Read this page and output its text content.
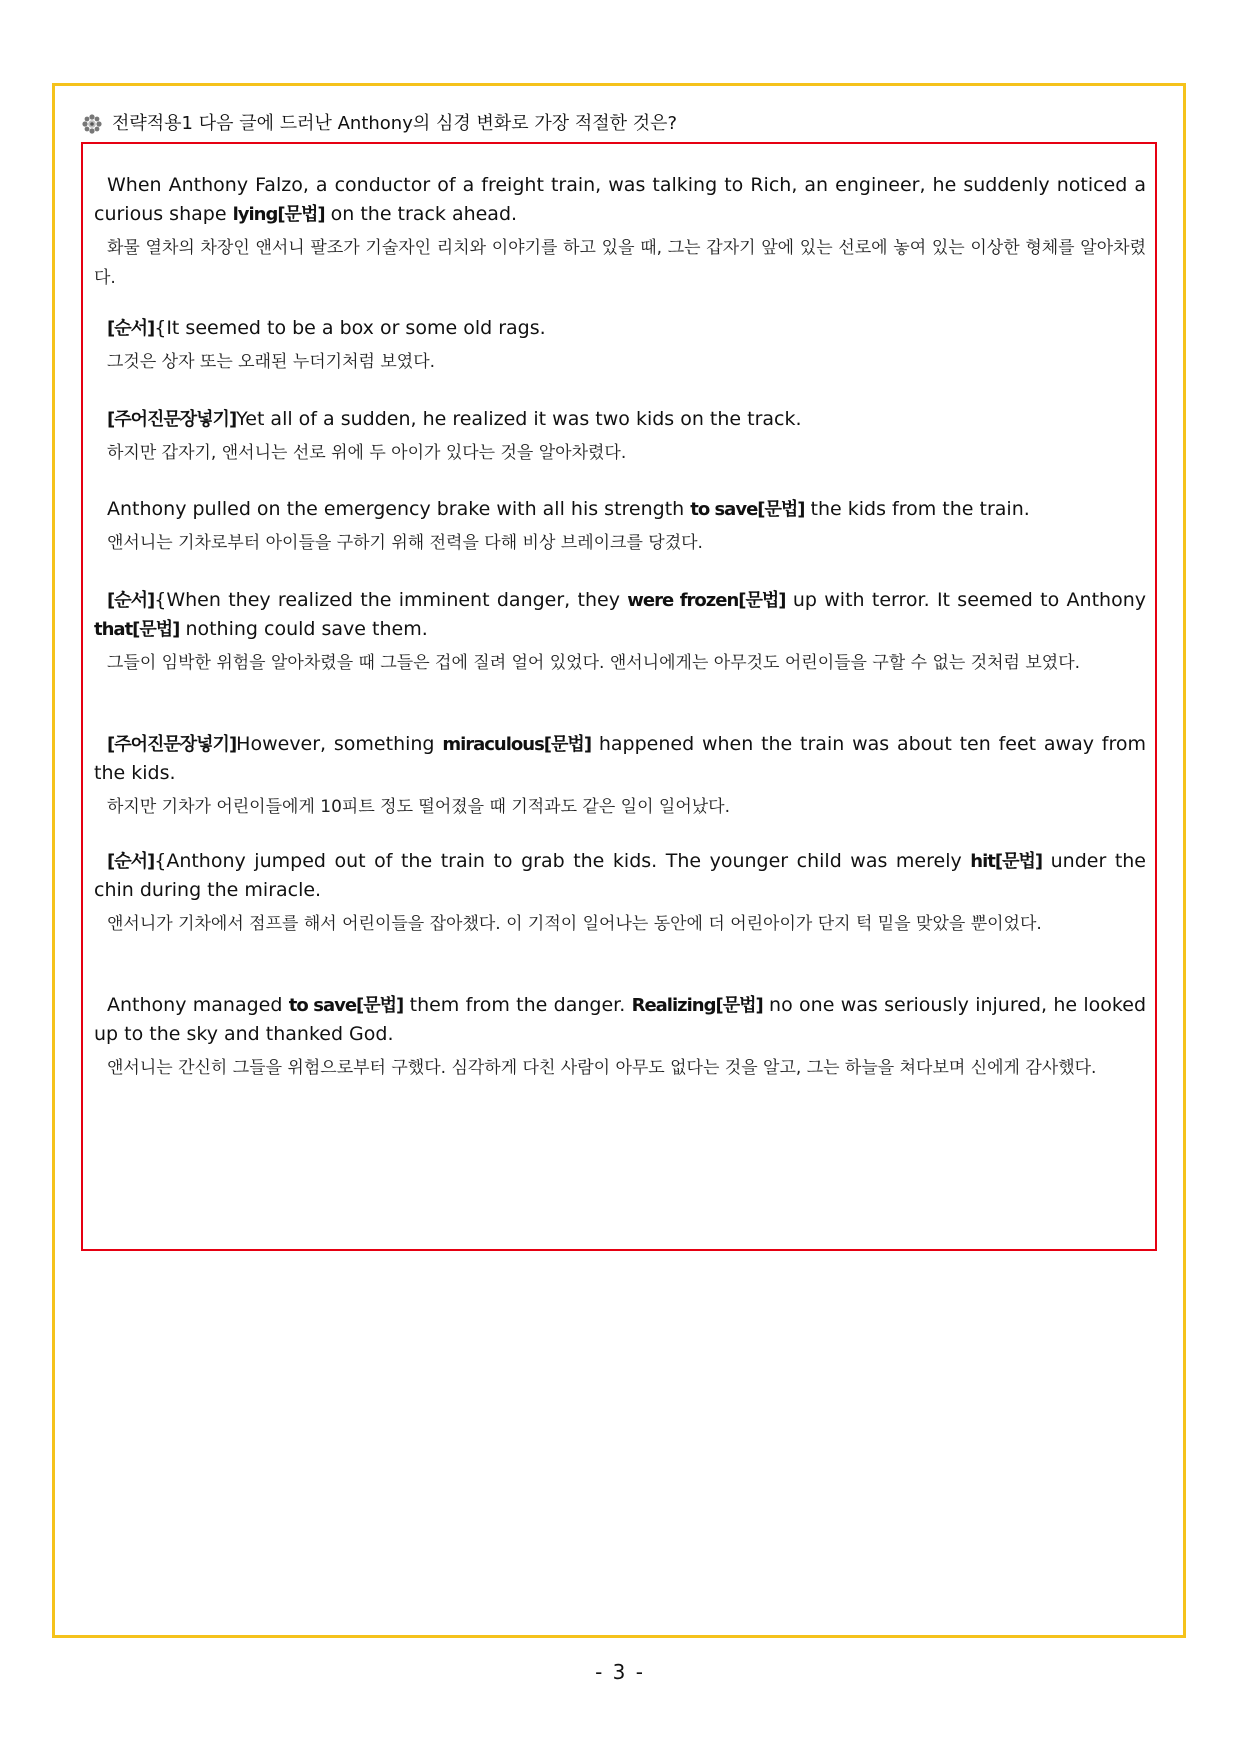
전략적용1 다음 글에 드러난 Anthony의 심경 변화로 가장 적절한 것은?
When Anthony Falzo, a conductor of a freight train, was talking to Rich, an engineer, he suddenly noticed a curious shape lying[문법] on the track ahead.
화물 열차의 차장인 앤서니 팔조가 기술자인 리치와 이야기를 하고 있을 때, 그는 갑자기 앞에 있는 선로에 놓여 있는 이상한 형체를 알아차렸다.
[순서]{It seemed to be a box or some old rags.
그것은 상자 또는 오래된 누더기처럼 보였다.
[주어진문장넣기]Yet all of a sudden, he realized it was two kids on the track.
하지만 갑자기, 앤서니는 선로 위에 두 아이가 있다는 것을 알아차렸다.
Anthony pulled on the emergency brake with all his strength to save[문법] the kids from the train.
앤서니는 기차로부터 아이들을 구하기 위해 전력을 다해 비상 브레이크를 당겼다.
[순서]{When they realized the imminent danger, they were frozen[문법] up with terror. It seemed to Anthony that[문법] nothing could save them.
그들이 임박한 위험을 알아차렸을 때 그들은 겁에 질려 얼어 있었다. 앤서니에게는 아무것도 어린이들을 구할 수 없는 것처럼 보였다.
[주어진문장넣기]However, something miraculous[문법] happened when the train was about ten feet away from the kids.
하지만 기차가 어린이들에게 10피트 정도 떨어졌을 때 기적과도 같은 일이 일어났다.
[순서]{Anthony jumped out of the train to grab the kids. The younger child was merely hit[문법] under the chin during the miracle.
앤서니가 기차에서 점프를 해서 어린이들을 잡아챘다. 이 기적이 일어나는 동안에 더 어린아이가 단지 턱 밑을 맞았을 뿐이었다.
Anthony managed to save[문법] them from the danger. Realizing[문법] no one was seriously injured, he looked up to the sky and thanked God.
앤서니는 간신히 그들을 위험으로부터 구했다. 심각하게 다친 사람이 아무도 없다는 것을 알고, 그는 하늘을 쳐다보며 신에게 감사했다.
- 3 -
